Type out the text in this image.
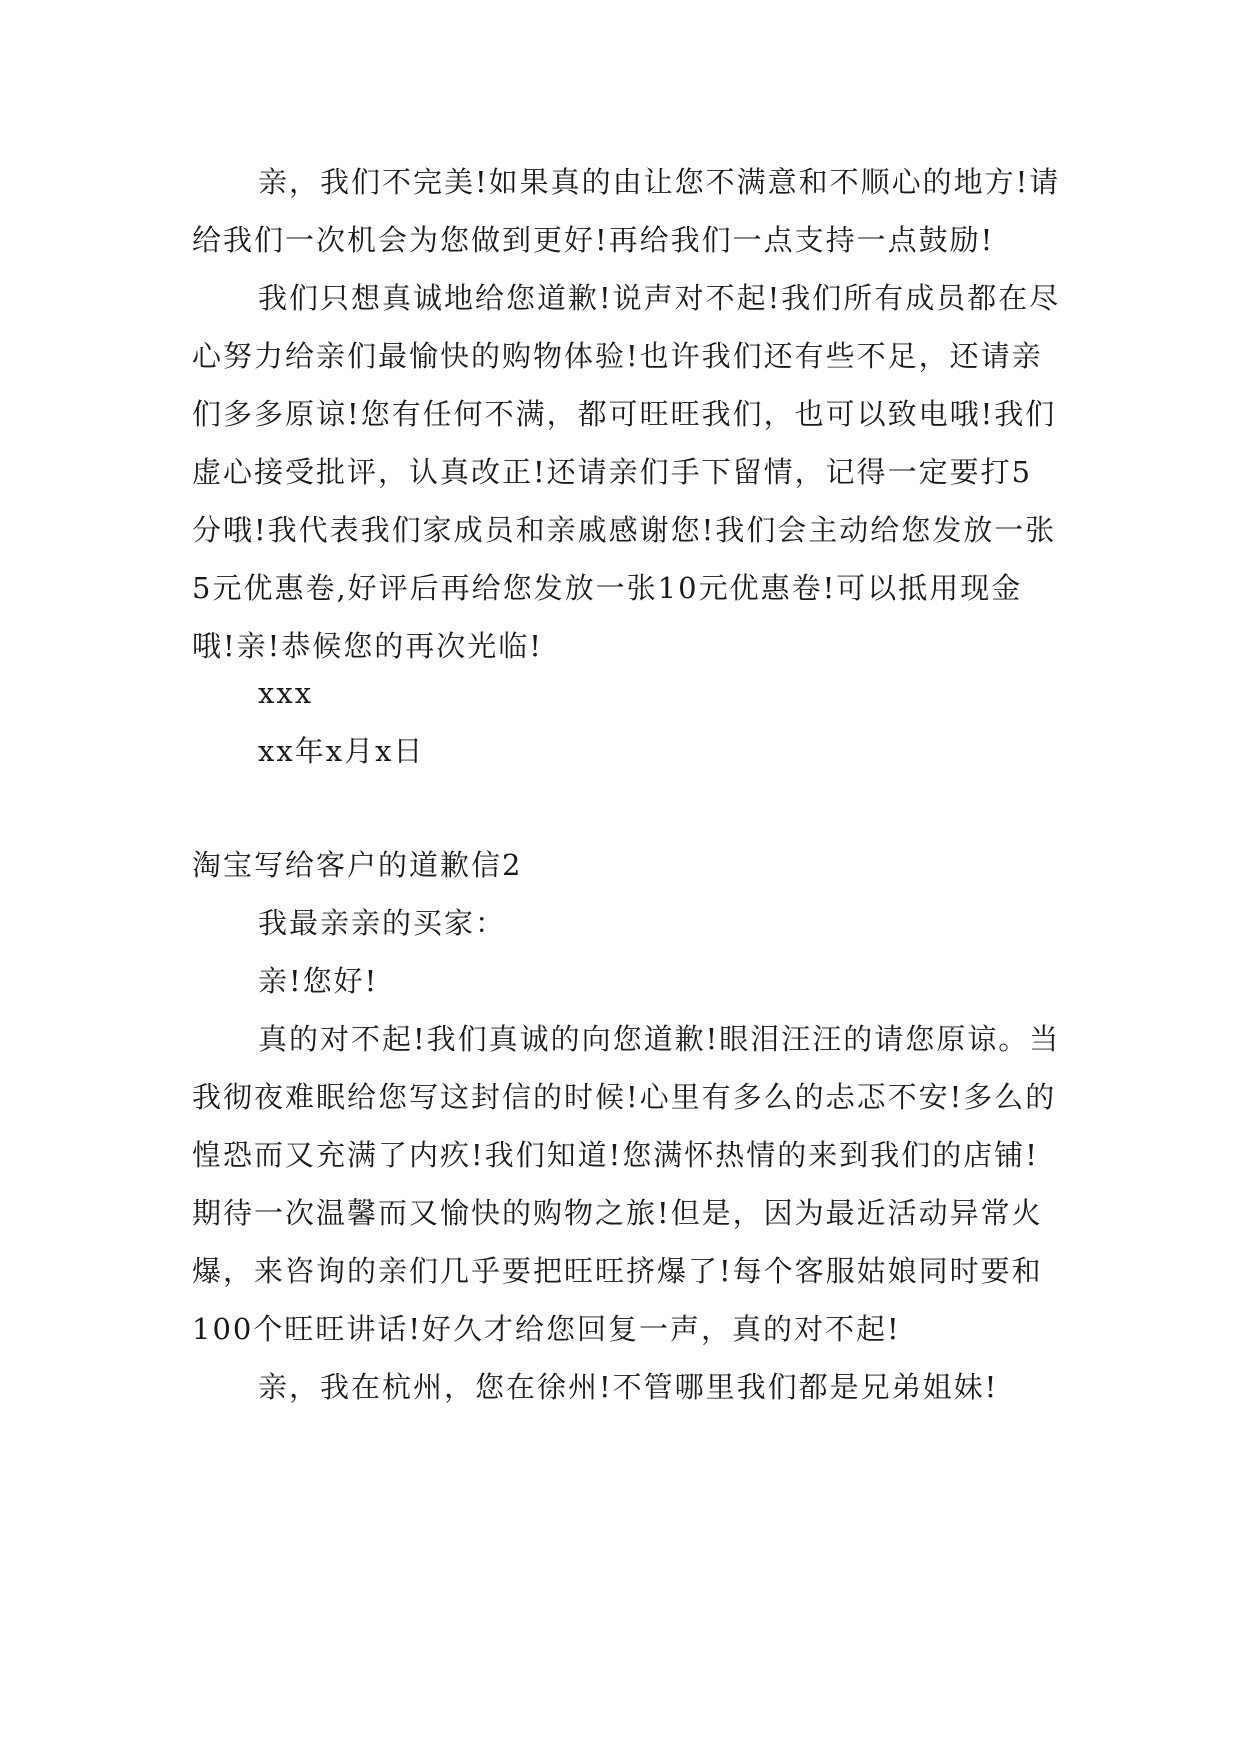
亲，我们不完美!如果真的由让您不满意和不顺心的地方!请给我们一次机会为您做到更好!再给我们一点支持一点鼓励!

我们只想真诚地给您道歉!说声对不起!我们所有成员都在尽心努力给亲们最愉快的购物体验!也许我们还有些不足，还请亲们多多原谅!您有任何不满，都可旺旺我们，也可以致电哦!我们虚心接受批评，认真改正!还请亲们手下留情，记得一定要打5分哦!我代表我们家成员和亲戚感谢您!我们会主动给您发放一张5元优惠卷,好评后再给您发放一张10元优惠卷!可以抵用现金哦!亲!恭候您的再次光临!

xxx

xx年x月x日

淘宝写给客户的道歉信2

我最亲亲的买家：

亲!您好!

真的对不起!我们真诚的向您道歉!眼泪汪汪的请您原谅。当我彻夜难眠给您写这封信的时候!心里有多么的忐忑不安!多么的惶恐而又充满了内疚!我们知道!您满怀热情的来到我们的店铺!期待一次温馨而又愉快的购物之旅!但是，因为最近活动异常火爆，来咨询的亲们几乎要把旺旺挤爆了!每个客服姑娘同时要和100个旺旺讲话!好久才给您回复一声，真的对不起!

亲，我在杭州，您在徐州!不管哪里我们都是兄弟姐妹!
